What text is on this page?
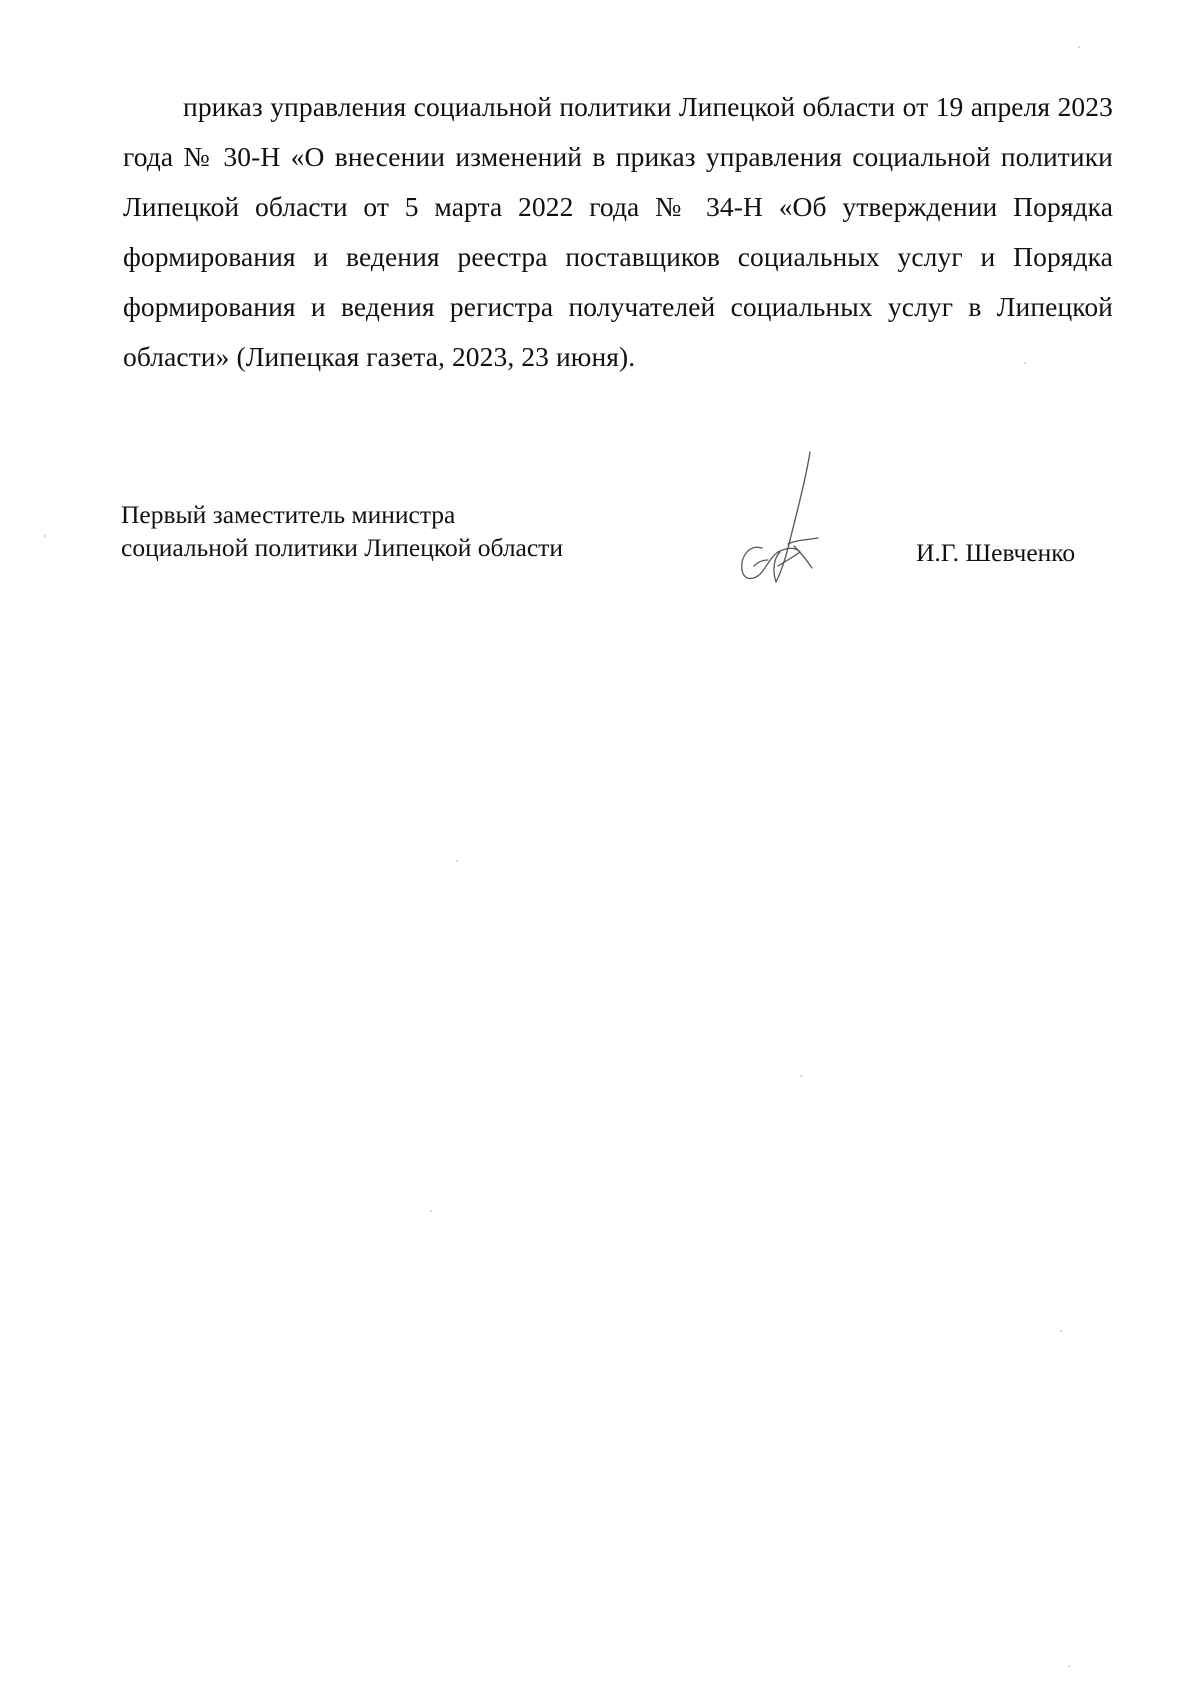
приказ управления социальной политики Липецкой области от 19 апреля 2023 года № 30-Н «О внесении изменений в приказ управления социальной политики Липецкой области от 5 марта 2022 года № 34-Н «Об утверждении Порядка формирования и ведения реестра поставщиков социальных услуг и Порядка формирования и ведения регистра получателей социальных услуг в Липецкой области» (Липецкая газета, 2023, 23 июня).

Первый заместитель министра
социальной политики Липецкой области	И.Г. Шевченко
